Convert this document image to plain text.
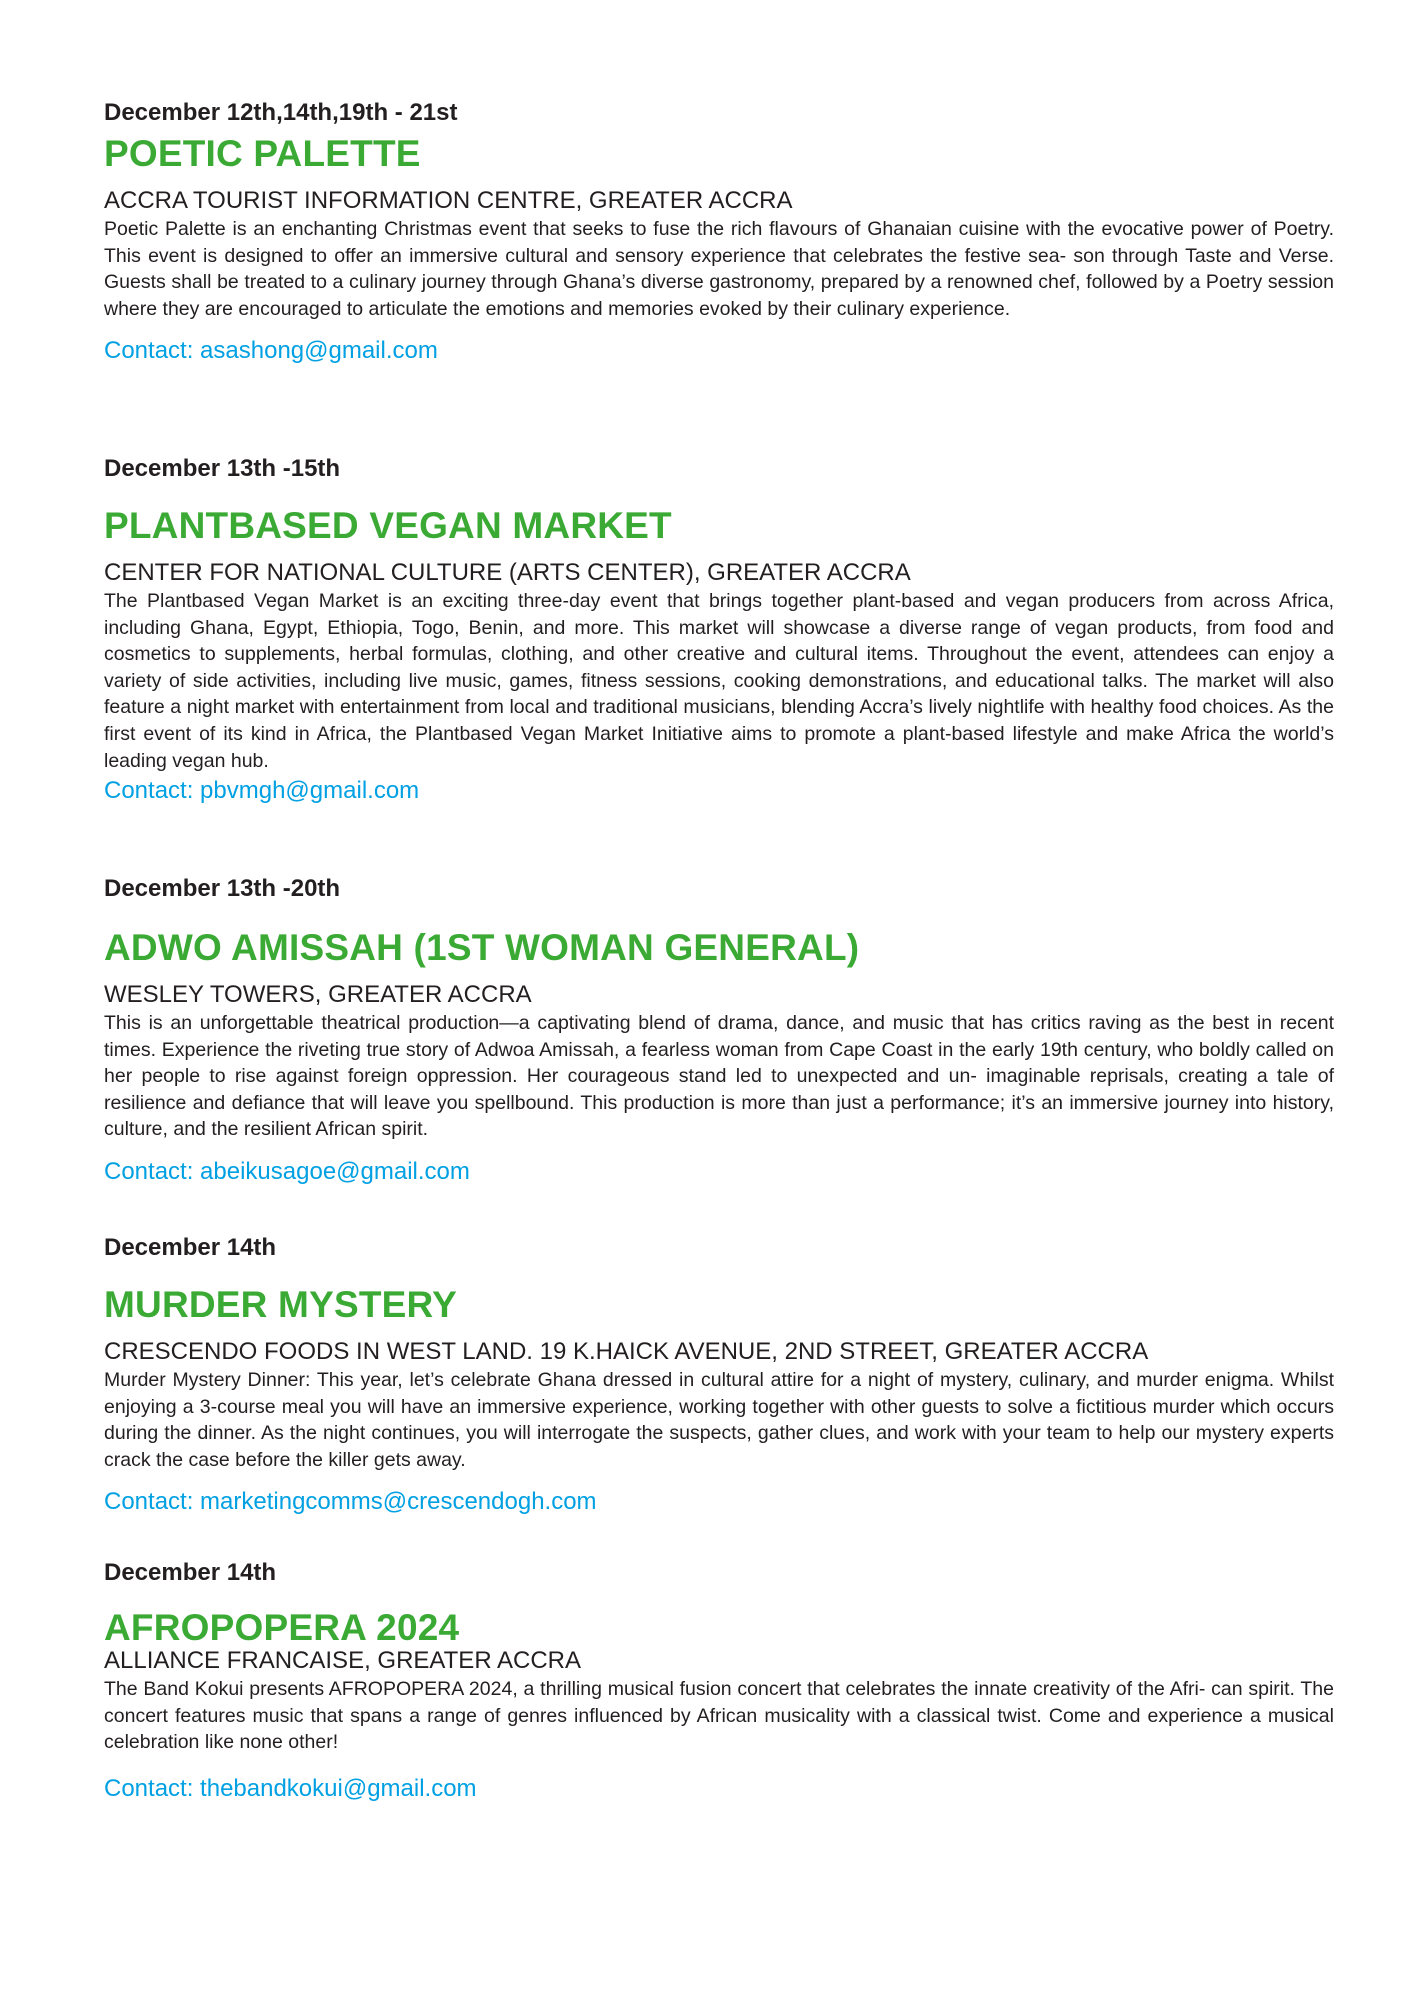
December 12th,14th,19th - 21st

POETIC PALETTE

ACCRA TOURIST INFORMATION CENTRE, GREATER ACCRA

Poetic Palette is an enchanting Christmas event that seeks to fuse the rich flavours of Ghanaian cuisine with the evocative power of Poetry. This event is designed to offer an immersive cultural and sensory experience that celebrates the festive sea- son through Taste and Verse. Guests shall be treated to a culinary journey through Ghana’s diverse gastronomy, prepared by a renowned chef, followed by a Poetry session where they are encouraged to articulate the emotions and memories evoked by their culinary experience.

Contact: asashong@gmail.com

December 13th -15th

PLANTBASED VEGAN MARKET

CENTER FOR NATIONAL CULTURE (ARTS CENTER), GREATER ACCRA

The Plantbased Vegan Market is an exciting three-day event that brings together plant-based and vegan producers from across Africa, including Ghana, Egypt, Ethiopia, Togo, Benin, and more. This market will showcase a diverse range of vegan products, from food and cosmetics to supplements, herbal formulas, clothing, and other creative and cultural items. Throughout the event, attendees can enjoy a variety of side activities, including live music, games, fitness sessions, cooking demonstrations, and educational talks. The market will also feature a night market with entertainment from local and traditional musicians, blending Accra’s lively nightlife with healthy food choices. As the first event of its kind in Africa, the Plantbased Vegan Market Initiative aims to promote a plant-based lifestyle and make Africa the world’s leading vegan hub.

Contact: pbvmgh@gmail.com

December 13th -20th

ADWO AMISSAH (1ST WOMAN GENERAL)

WESLEY TOWERS, GREATER ACCRA

This is an unforgettable theatrical production—a captivating blend of drama, dance, and music that has critics raving as the best in recent times. Experience the riveting true story of Adwoa Amissah, a fearless woman from Cape Coast in the early 19th century, who boldly called on her people to rise against foreign oppression. Her courageous stand led to unexpected and un- imaginable reprisals, creating a tale of resilience and defiance that will leave you spellbound. This production is more than just a performance; it’s an immersive journey into history, culture, and the resilient African spirit.

Contact: abeikusagoe@gmail.com

December 14th

MURDER MYSTERY

CRESCENDO FOODS IN WEST LAND. 19 K.HAICK AVENUE, 2ND STREET, GREATER ACCRA

Murder Mystery Dinner: This year, let’s celebrate Ghana dressed in cultural attire for a night of mystery, culinary, and murder enigma. Whilst enjoying a 3-course meal you will have an immersive experience, working together with other guests to solve a fictitious murder which occurs during the dinner. As the night continues, you will interrogate the suspects, gather clues, and work with your team to help our mystery experts crack the case before the killer gets away.

Contact: marketingcomms@crescendogh.com

December 14th

AFROPOPERA 2024

ALLIANCE FRANCAISE, GREATER ACCRA

The Band Kokui presents AFROPOPERA 2024, a thrilling musical fusion concert that celebrates the innate creativity of the Afri- can spirit. The concert features music that spans a range of genres influenced by African musicality with a classical twist. Come and experience a musical celebration like none other!

Contact: thebandkokui@gmail.com
